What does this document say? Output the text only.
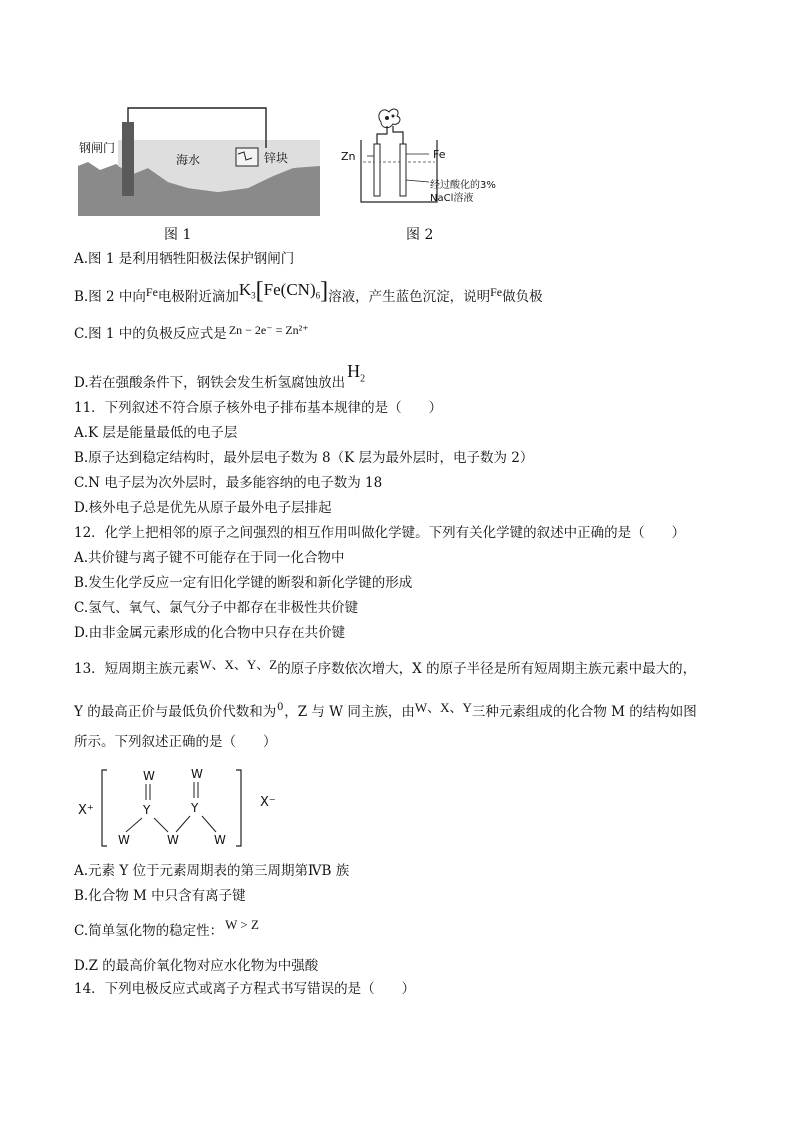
钢闸门
海水	锌块
图 1
Zn	Fe
经过酸化的3%
NaCl溶液
图 2
A.图 1 是利用牺牲阳极法保护钢闸门
B.图 2 中向Fe电极附近滴加$K_3[Fe(CN)_6]$溶液，产生蓝色沉淀，说明Fe做负极
C.图 1 中的负极反应式是 Zn − 2e⁻ = Zn²⁺
D.若在强酸条件下，钢铁会发生析氢腐蚀放出$H_2$
11．下列叙述不符合原子核外电子排布基本规律的是（　　）
A.K 层是能量最低的电子层
B.原子达到稳定结构时，最外层电子数为 8（K 层为最外层时，电子数为 2）
C.N 电子层为次外层时，最多能容纳的电子数为 18
D.核外电子总是优先从原子最外电子层排起
12．化学上把相邻的原子之间强烈的相互作用叫做化学键。下列有关化学键的叙述中正确的是（　　）
A.共价键与离子键不可能存在于同一化合物中
B.发生化学反应一定有旧化学键的断裂和新化学键的形成
C.氢气、氧气、氯气分子中都存在非极性共价键
D.由非金属元素形成的化合物中只存在共价键
13．短周期主族元素W、X、Y、Z的原子序数依次增大，X 的原子半径是所有短周期主族元素中最大的，
Y 的最高正价与最低负价代数和为0，Z 与 W 同主族，由W、X、Y三种元素组成的化合物 M 的结构如图
所示。下列叙述正确的是（　　）
X⁺
X⁻
W	W
Y	Y
W	W	W
A.元素 Y 位于元素周期表的第三周期第ⅣB 族
B.化合物 M 中只含有离子键
C.简单氢化物的稳定性： W > Z
D.Z 的最高价氧化物对应水化物为中强酸
14．下列电极反应式或离子方程式书写错误的是（　　）
